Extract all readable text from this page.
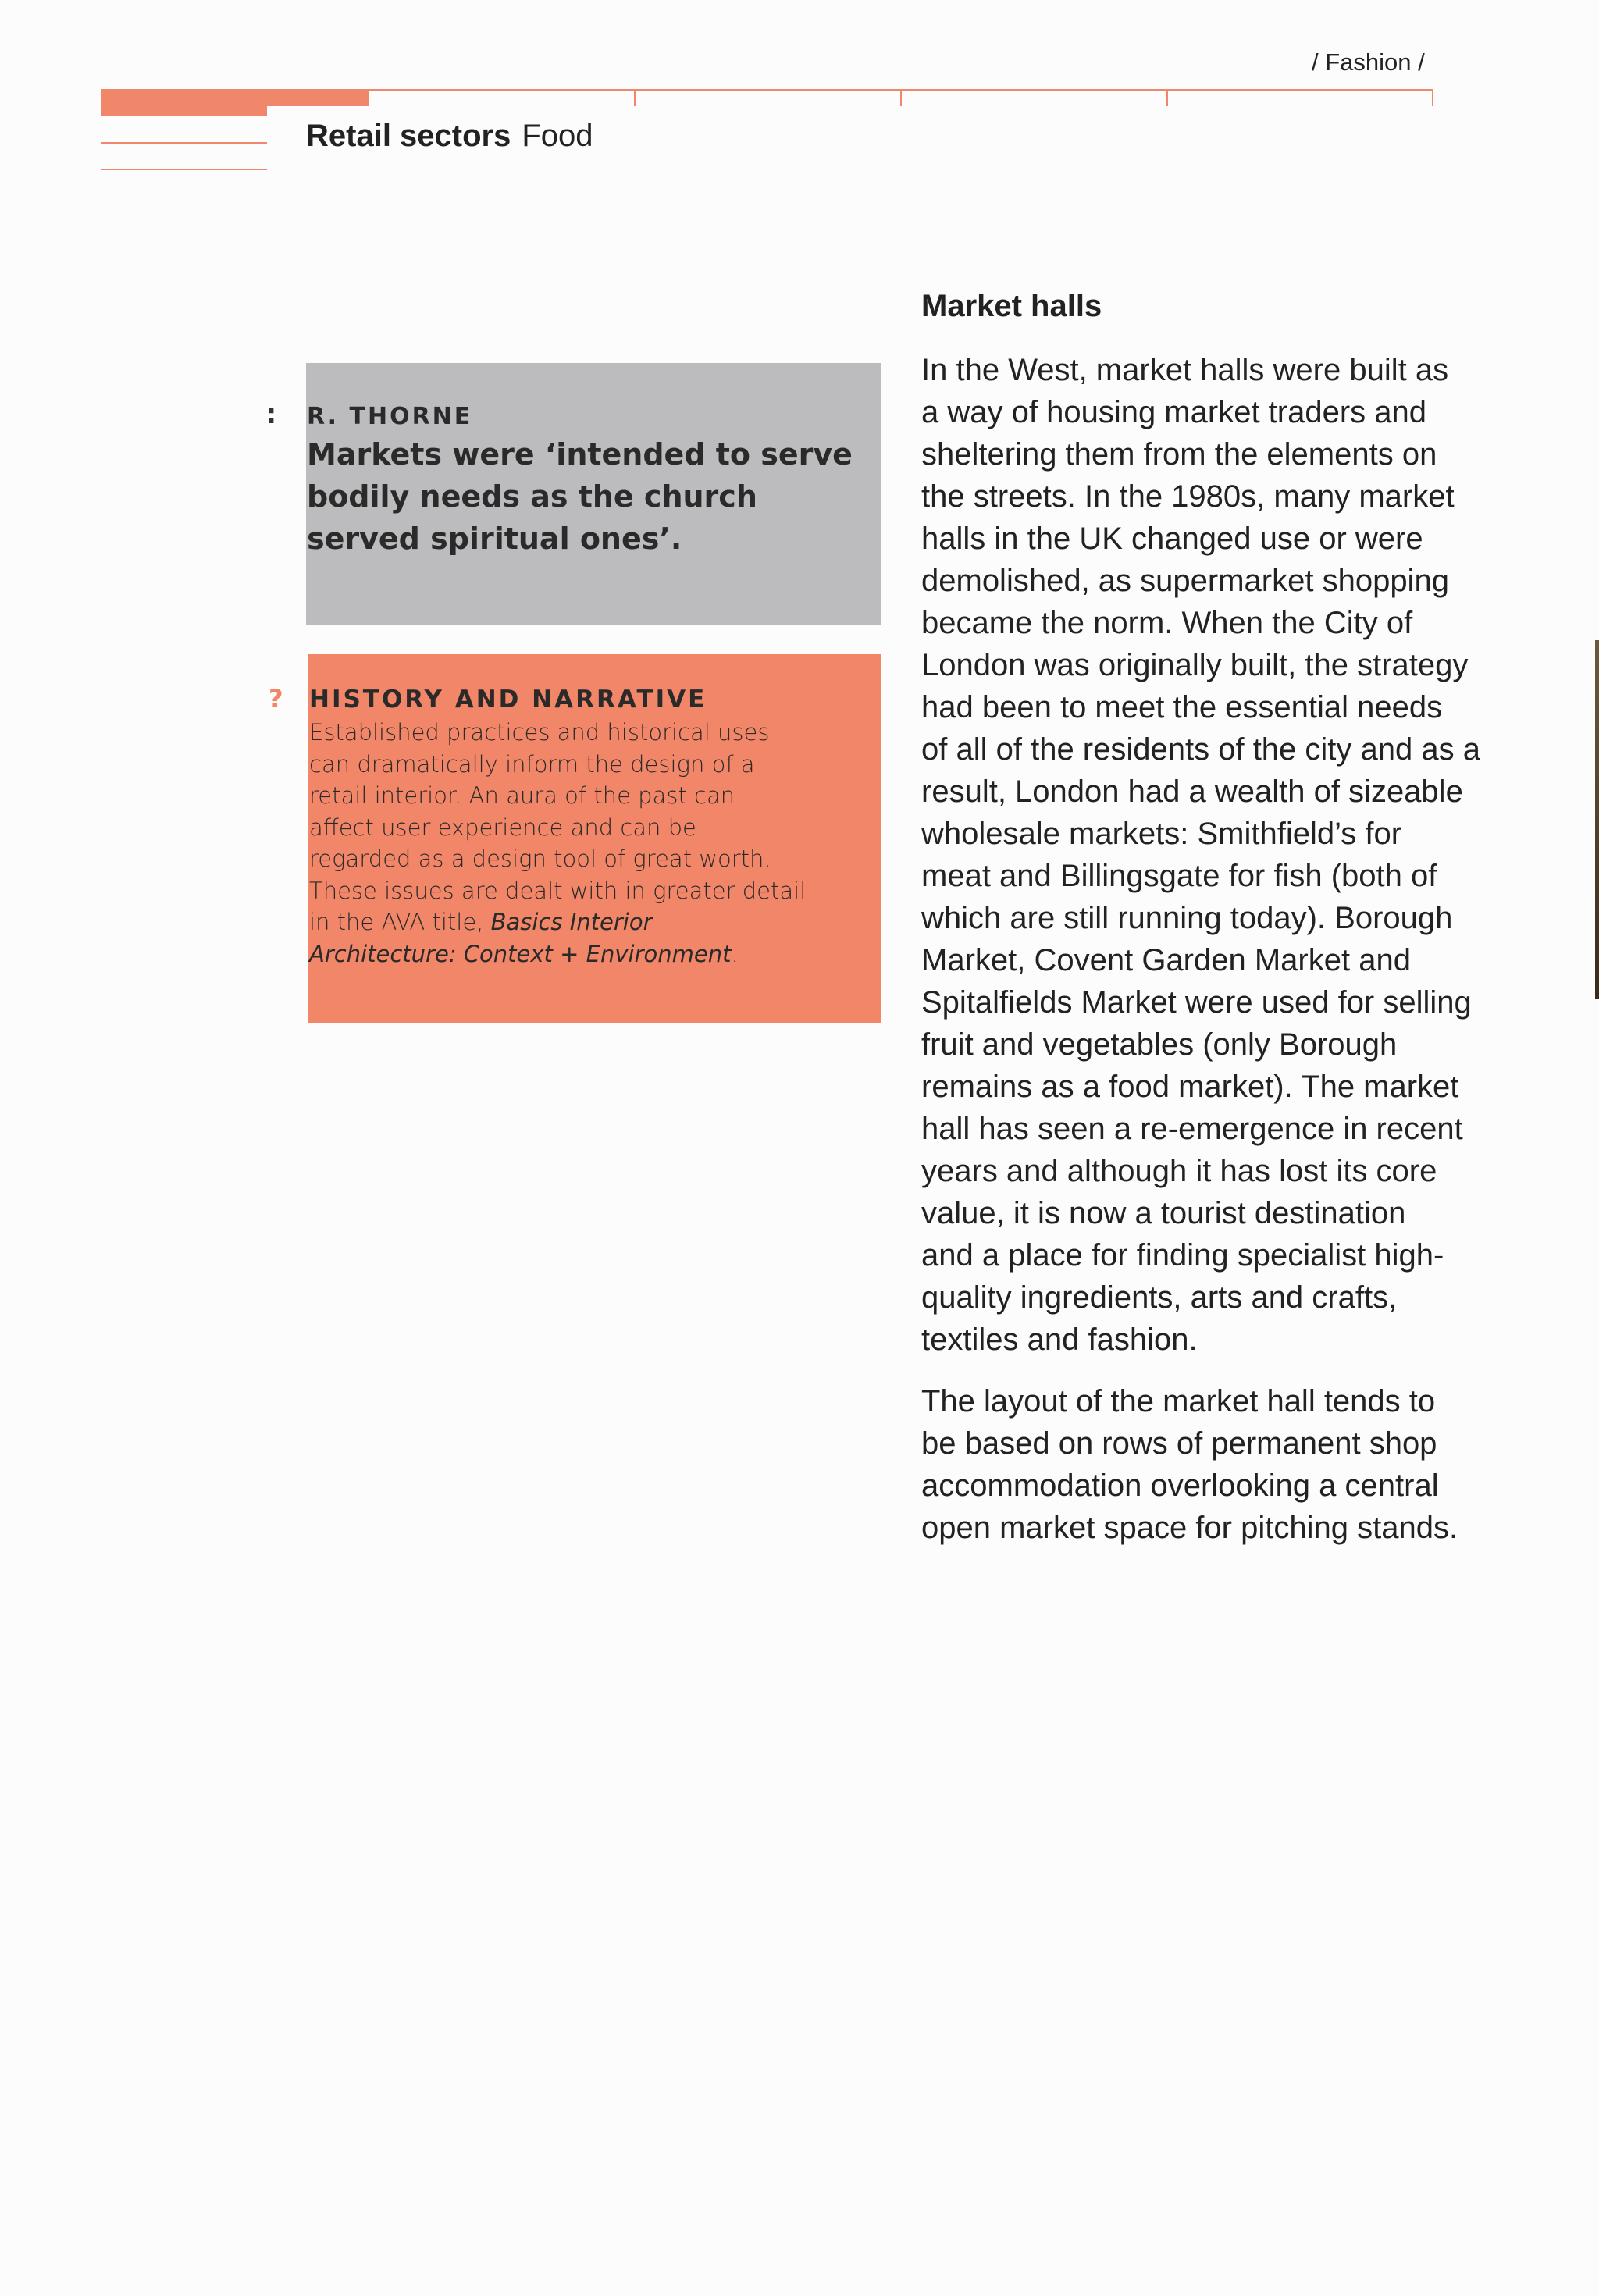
/ Fashion /
Retail sectors Food
: R. THORNE
Markets were ‘intended to serve
bodily needs as the church
served spiritual ones’.
? HISTORY AND NARRATIVE
Established practices and historical uses
can dramatically inform the design of a
retail interior. An aura of the past can
affect user experience and can be
regarded as a design tool of great worth.
These issues are dealt with in greater detail
in the AVA title, Basics Interior
Architecture: Context + Environment.
Market halls
In the West, market halls were built as
a way of housing market traders and
sheltering them from the elements on
the streets. In the 1980s, many market
halls in the UK changed use or were
demolished, as supermarket shopping
became the norm. When the City of
London was originally built, the strategy
had been to meet the essential needs
of all of the residents of the city and as a
result, London had a wealth of sizeable
wholesale markets: Smithfield’s for
meat and Billingsgate for fish (both of
which are still running today). Borough
Market, Covent Garden Market and
Spitalfields Market were used for selling
fruit and vegetables (only Borough
remains as a food market). The market
hall has seen a re-emergence in recent
years and although it has lost its core
value, it is now a tourist destination
and a place for finding specialist high-
quality ingredients, arts and crafts,
textiles and fashion.
The layout of the market hall tends to
be based on rows of permanent shop
accommodation overlooking a central
open market space for pitching stands.
